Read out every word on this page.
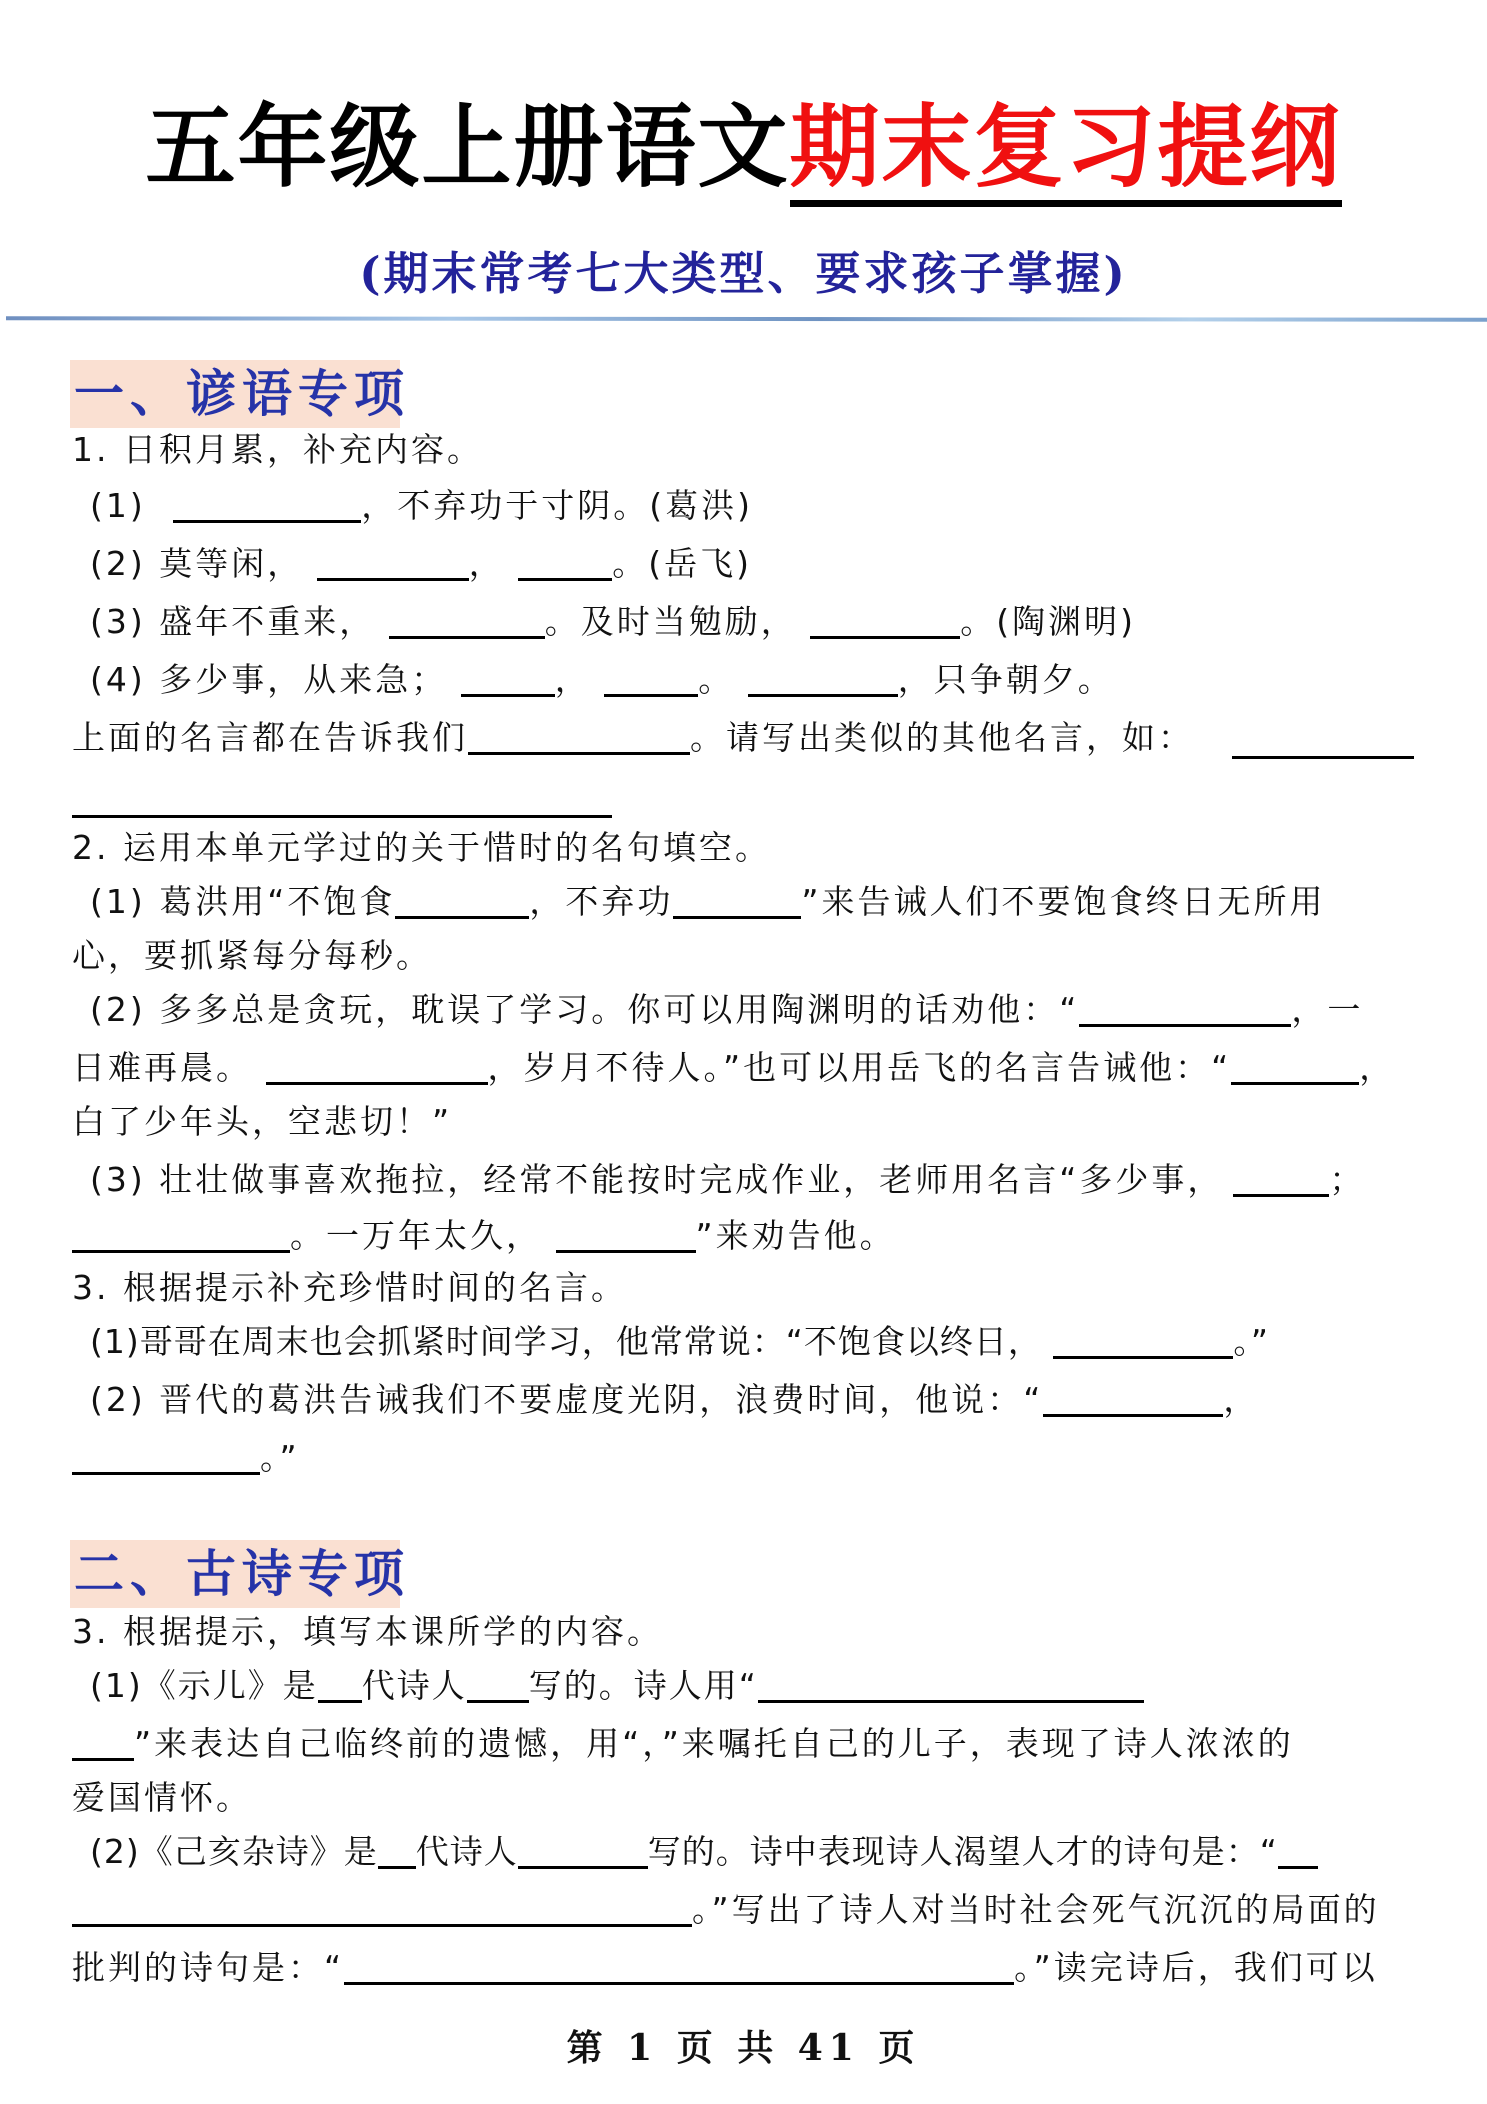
五年级上册语文期末复习提纲
(期末常考七大类型、要求孩子掌握)
一、谚语专项
1. 日积月累，补充内容。
(1)	，不弃功于寸阴。(葛洪)
(2) 莫等闲，	，	。(岳飞)
(3) 盛年不重来，	。及时当勉励，	。(陶渊明)
(4) 多少事，从来急；	，	。	，只争朝夕。
上面的名言都在告诉我们	。请写出类似的其他名言，如：
2. 运用本单元学过的关于惜时的名句填空。
(1) 葛洪用“不饱食	，不弃功	”来告诫人们不要饱食终日无所用
心，要抓紧每分每秒。
(2) 多多总是贪玩，耽误了学习。你可以用陶渊明的话劝他：“	，一
日难再晨。	，岁月不待人。”也可以用岳飞的名言告诫他：“	，
白了少年头，空悲切！”
(3) 壮壮做事喜欢拖拉，经常不能按时完成作业，老师用名言“多少事，	；
。一万年太久，	”来劝告他。
3. 根据提示补充珍惜时间的名言。
(1)哥哥在周末也会抓紧时间学习，他常常说：“不饱食以终日，	。”
(2) 晋代的葛洪告诫我们不要虚度光阴，浪费时间，他说：“	，
。”
二、古诗专项
3. 根据提示，填写本课所学的内容。
(1)《示儿》是 代诗人 写的。诗人用“
”来表达自己临终前的遗憾，用“，”来嘱托自己的儿子，表现了诗人浓浓的
爱国情怀。
(2)《己亥杂诗》是 代诗人	写的。诗中表现诗人渴望人才的诗句是：“
。”写出了诗人对当时社会死气沉沉的局面的
批判的诗句是：“	。”读完诗后，我们可以
第 1 页 共 41 页
